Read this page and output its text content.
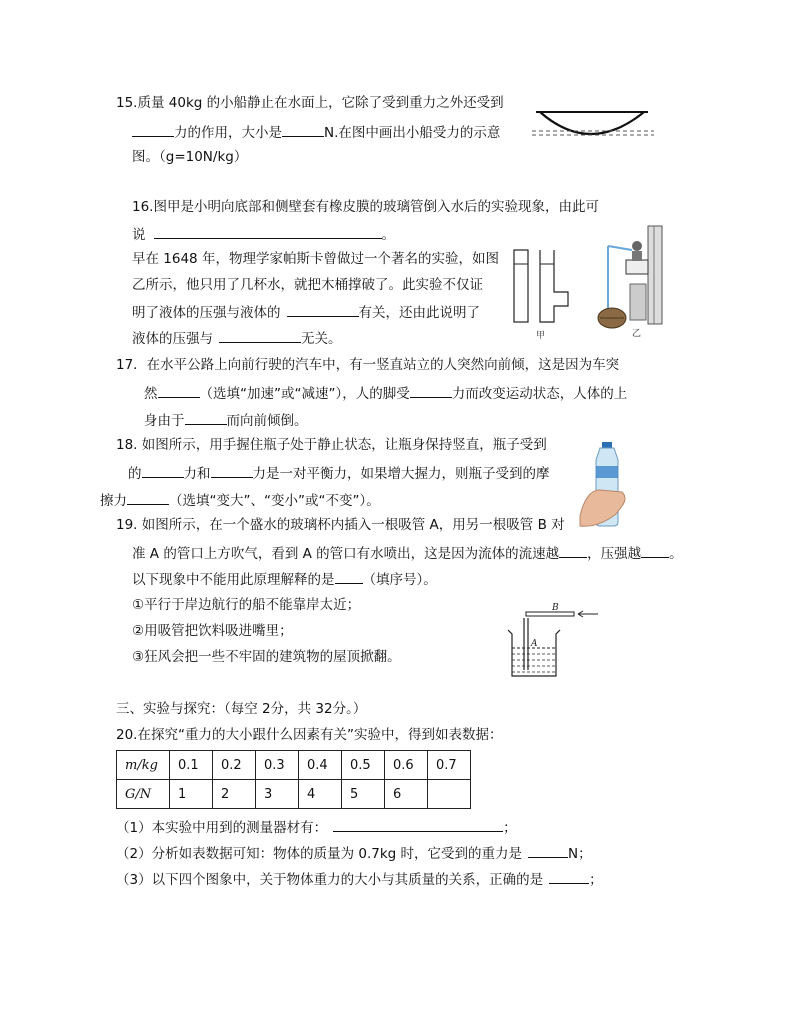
15.质量 40kg 的小船静止在水面上，它除了受到重力之外还受到
力的作用，大小是	N.在图中画出小船受力的示意
图。（g=10N/kg）
16.图甲是小明向底部和侧壁套有橡皮膜的玻璃管倒入水后的实验现象，由此可
说	。
早在 1648 年，物理学家帕斯卡曾做过一个著名的实验，如图
乙所示，他只用了几杯水，就把木桶撑破了。此实验不仅证
明了液体的压强与液体的	有关，还由此说明了
液体的压强与	无关。	甲	乙
17．在水平公路上向前行驶的汽车中，有一竖直站立的人突然向前倾，这是因为车突
然	（选填“加速”或“减速”），人的脚受	力而改变运动状态，人体的上
身由于	而向前倾倒。
18. 如图所示，用手握住瓶子处于静止状态，让瓶身保持竖直，瓶子受到
的	力和	力是一对平衡力，如果增大握力，则瓶子受到的摩
擦力	（选填“变大”、“变小”或“不变”）。
19. 如图所示，在一个盛水的玻璃杯内插入一根吸管 A，用另一根吸管 B 对
准 A 的管口上方吹气，看到 A 的管口有水喷出，这是因为流体的流速越 ，压强越 。
以下现象中不能用此原理解释的是 （填序号）。
①平行于岸边航行的船不能靠岸太近；
②用吸管把饮料吸进嘴里；
③狂风会把一些不牢固的建筑物的屋顶掀翻。
B
A
三、实验与探究：（每空 2分，共 32分。）
20.在探究“重力的大小跟什么因素有关”实验中，得到如表数据：
m/kg	0.1	0.2	0.3	0.4	0.5	0.6	0.7
G/N	1	2	3	4	5	6	
（1）本实验中用到的测量器材有：	；
（2）分析如表数据可知：物体的质量为 0.7kg 时，它受到的重力是	N；
（3）以下四个图象中，关于物体重力的大小与其质量的关系，正确的是	；
